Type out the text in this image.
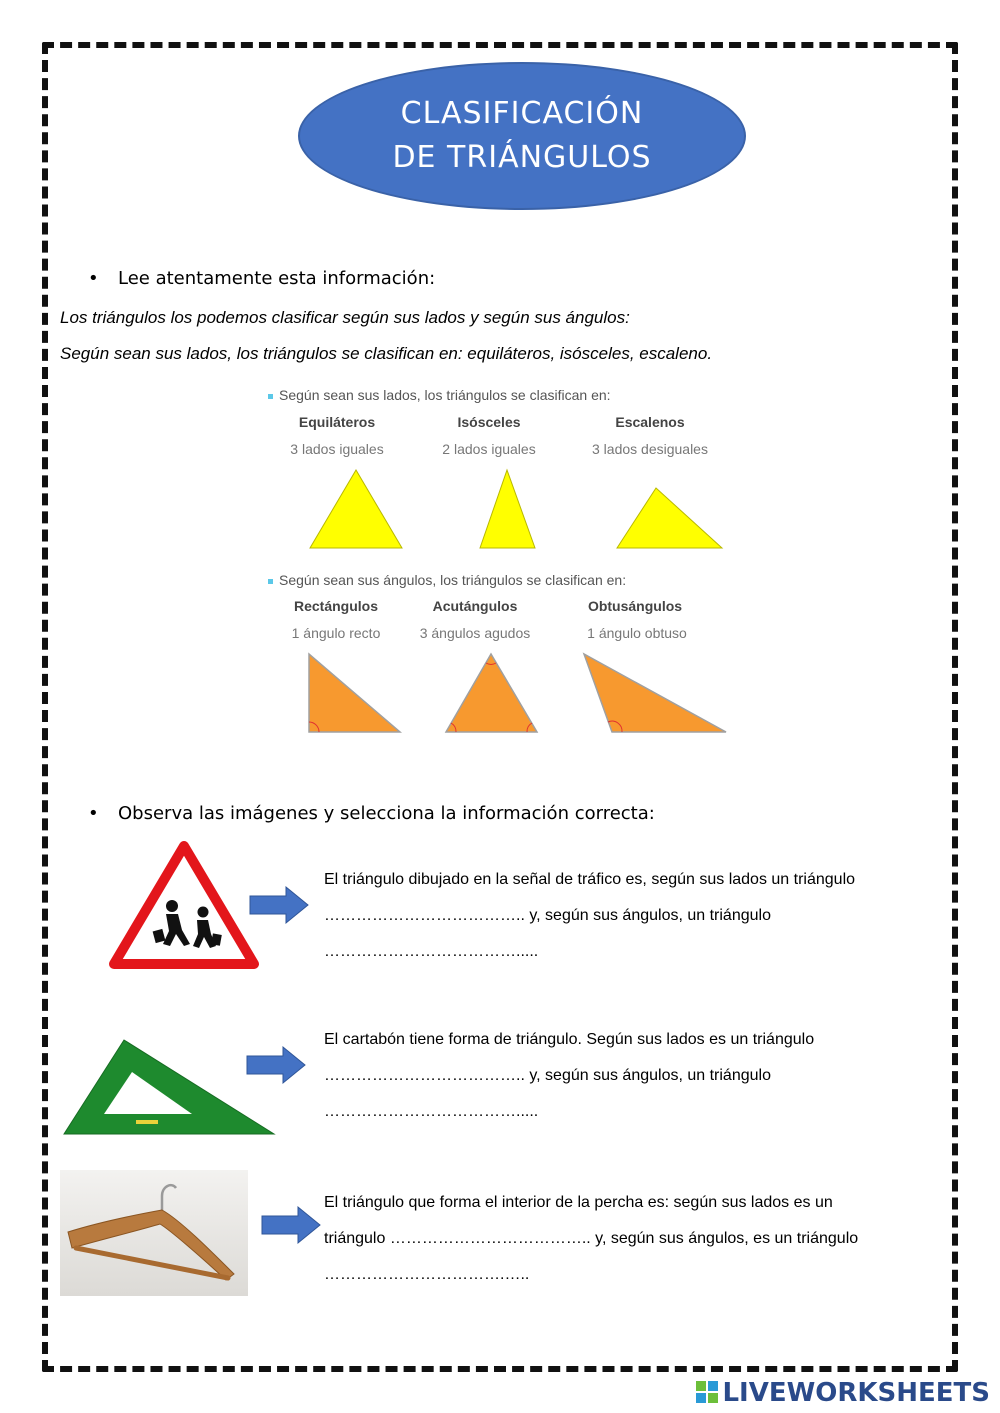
CLASIFICACIÓN
DE TRIÁNGULOS
• Lee atentamente esta información:
Los triángulos los podemos clasificar según sus lados y según sus ángulos:
Según sean sus lados, los triángulos se clasifican en: equiláteros, isósceles, escaleno.
Según sean sus lados, los triángulos se clasifican en:
Equiláteros	Isósceles	Escalenos
3 lados iguales	2 lados iguales	3 lados desiguales
Según sean sus ángulos, los triángulos se clasifican en:
Rectángulos	Acutángulos	Obtusángulos
1 ángulo recto	3 ángulos agudos	1 ángulo obtuso
• Observa las imágenes y selecciona la información correcta:
El triángulo dibujado en la señal de tráfico es, según sus lados un triángulo
……………………………….. y, según sus ángulos, un triángulo ……………………………….....
El cartabón tiene forma de triángulo. Según sus lados es un triángulo
……………………………….. y, según sus ángulos, un triángulo ……………………………….....
El triángulo que forma el interior de la percha es: según sus lados es un
triángulo ……………………………….. y, según sus ángulos, es un triángulo
…………………………….…..
LIVEWORKSHEETS
